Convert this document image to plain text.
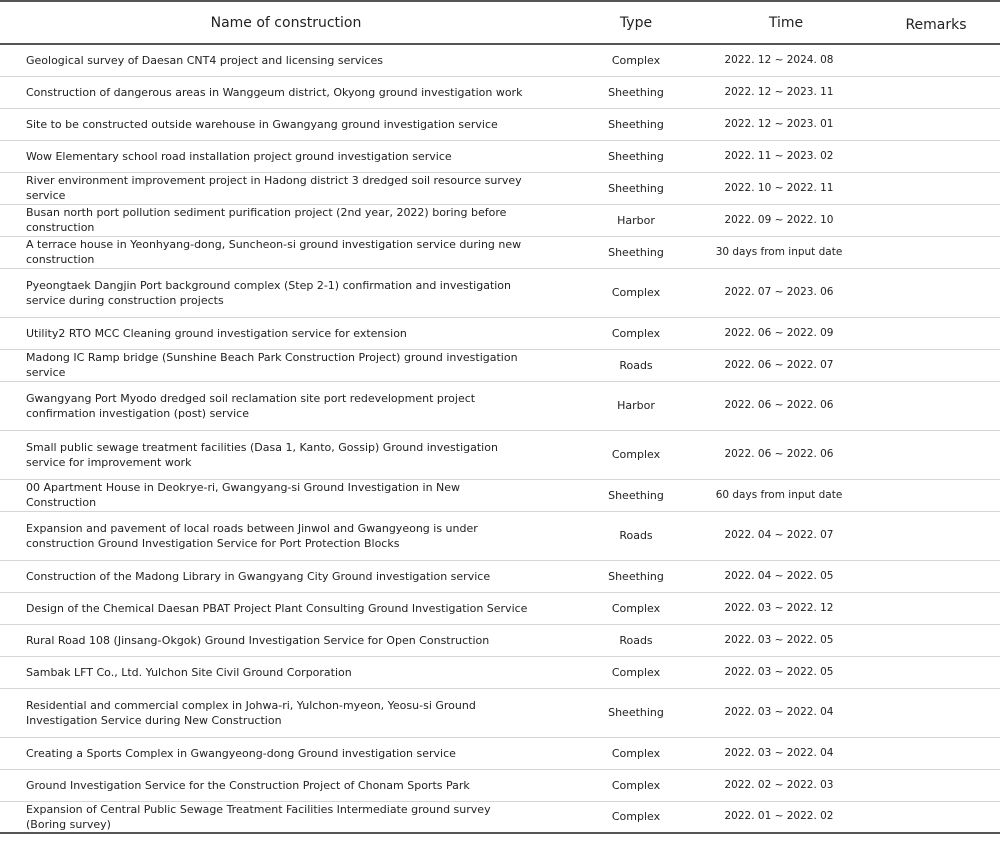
Name of construction	Type	Time	Remarks
Geological survey of Daesan CNT4 project and licensing services	Complex	2022. 12 ~ 2024. 08	
Construction of dangerous areas in Wanggeum district, Okyong ground investigation work	Sheething	2022. 12 ~ 2023. 11	
Site to be constructed outside warehouse in Gwangyang ground investigation service	Sheething	2022. 12 ~ 2023. 01	
Wow Elementary school road installation project ground investigation service	Sheething	2022. 11 ~ 2023. 02	
River environment improvement project in Hadong district 3 dredged soil resource survey service	Sheething	2022. 10 ~ 2022. 11	
Busan north port pollution sediment purification project (2nd year, 2022) boring before construction	Harbor	2022. 09 ~ 2022. 10	
A terrace house in Yeonhyang-dong, Suncheon-si ground investigation service during new construction	Sheething	30 days from input date	
Pyeongtaek Dangjin Port background complex (Step 2-1) confirmation and investigation service during construction projects	Complex	2022. 07 ~ 2023. 06	
Utility2 RTO MCC Cleaning ground investigation service for extension	Complex	2022. 06 ~ 2022. 09	
Madong IC Ramp bridge (Sunshine Beach Park Construction Project) ground investigation service	Roads	2022. 06 ~ 2022. 07	
Gwangyang Port Myodo dredged soil reclamation site port redevelopment project confirmation investigation (post) service	Harbor	2022. 06 ~ 2022. 06	
Small public sewage treatment facilities (Dasa 1, Kanto, Gossip) Ground investigation service for improvement work	Complex	2022. 06 ~ 2022. 06	
00 Apartment House in Deokrye-ri, Gwangyang-si Ground Investigation in New Construction	Sheething	60 days from input date	
Expansion and pavement of local roads between Jinwol and Gwangyeong is under construction Ground Investigation Service for Port Protection Blocks	Roads	2022. 04 ~ 2022. 07	
Construction of the Madong Library in Gwangyang City Ground investigation service	Sheething	2022. 04 ~ 2022. 05	
Design of the Chemical Daesan PBAT Project Plant Consulting Ground Investigation Service	Complex	2022. 03 ~ 2022. 12	
Rural Road 108 (Jinsang-Okgok) Ground Investigation Service for Open Construction	Roads	2022. 03 ~ 2022. 05	
Sambak LFT Co., Ltd. Yulchon Site Civil Ground Corporation	Complex	2022. 03 ~ 2022. 05	
Residential and commercial complex in Johwa-ri, Yulchon-myeon, Yeosu-si Ground Investigation Service during New Construction	Sheething	2022. 03 ~ 2022. 04	
Creating a Sports Complex in Gwangyeong-dong Ground investigation service	Complex	2022. 03 ~ 2022. 04	
Ground Investigation Service for the Construction Project of Chonam Sports Park	Complex	2022. 02 ~ 2022. 03	
Expansion of Central Public Sewage Treatment Facilities Intermediate ground survey (Boring survey)	Complex	2022. 01 ~ 2022. 02	
